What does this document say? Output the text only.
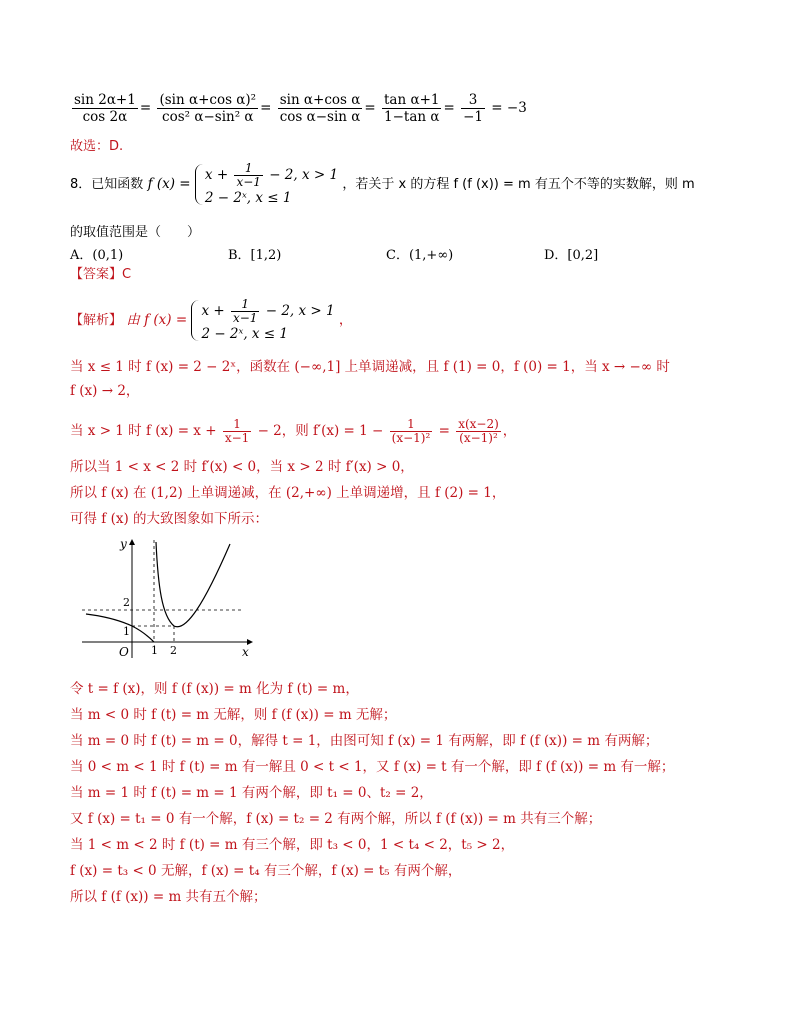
$\frac{\sin 2\alpha+1}{\cos 2\alpha} = \frac{\text{(sin α+cos α)²}}{\text{cos² α−sin² α}} = \frac{\text{sin α+cos α}}{\text{cos α−sin α}} = \frac{\text{tan α+1}}{\text{1−tan α}} = \frac{3}{-1} = -3$
故选：D.
8．已知函数 f (x) =
$x + \frac{1}{x-1} - 2$, x > 1
2 − 2ˣ, x ≤ 1
，若关于 x 的方程 f (f (x)) = m 有五个不等的实数解，则 m
的取值范围是（　　）
A．(0,1)	B．[1,2)	C．(1,+∞)	D．[0,2]
【答案】C
【解析】 由 f (x) =
$x + \frac{1}{x-1} - 2$, x > 1
2 − 2ˣ, x ≤ 1
，
当 x ≤ 1 时 f (x) = 2 − 2ˣ，函数在 (−∞,1] 上单调递减，且 f (1) = 0，f (0) = 1，当 x → −∞ 时
f (x) → 2，
当 x > 1 时 f $(x) = x + \frac{1}{x-1} - 2$，则 $f'(x) = 1 - \frac{1}{\text{(x−1)²}} = \frac{x(x-2)}{\text{(x−1)²}}$ ，
所以当 1 < x < 2 时 f′(x) < 0，当 x > 2 时 f′(x) > 0，
所以 f (x) 在 (1,2) 上单调递减，在 (2,+∞) 上单调递增，且 f (2) = 1，
可得 f (x) 的大致图象如下所示：
y
x
O 1 2
1
2
令 t = f (x)，则 f (f (x)) = m 化为 f (t) = m，
当 m < 0 时 f (t) = m 无解，则 f (f (x)) = m 无解；
当 m = 0 时 f (t) = m = 0，解得 t = 1，由图可知 f (x) = 1 有两解，即 f (f (x)) = m 有两解；
当 0 < m < 1 时 f (t) = m 有一解且 0 < t < 1，又 f (x) = t 有一个解，即 f (f (x)) = m 有一解；
当 m = 1 时 f (t) = m = 1 有两个解，即 t₁ = 0、t₂ = 2，
又 f (x) = t₁ = 0 有一个解，f (x) = t₂ = 2 有两个解，所以 f (f (x)) = m 共有三个解；
当 1 < m < 2 时 f (t) = m 有三个解，即 t₃ < 0，1 < t₄ < 2，t₅ > 2，
f (x) = t₃ < 0 无解，f (x) = t₄ 有三个解，f (x) = t₅ 有两个解，
所以 f (f (x)) = m 共有五个解；
